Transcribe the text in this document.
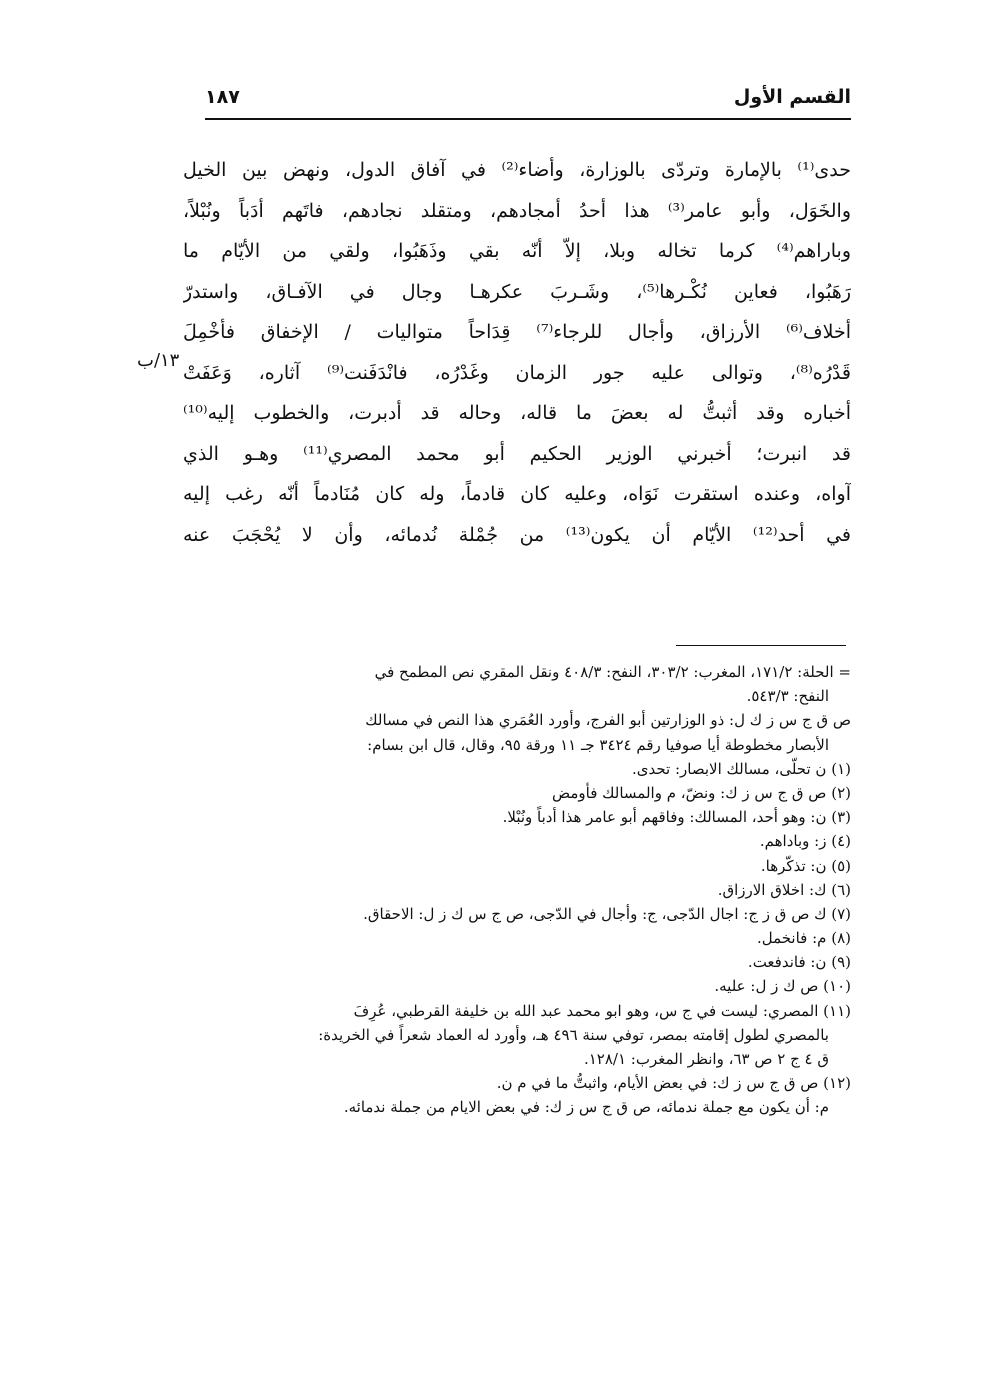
القسم الأول
١٨٧
حدى⁽¹⁾ بالإمارة وتردّى بالوزارة، وأضاء⁽²⁾ في آفاق الدول، ونهض بين الخيل
والخَوَل، وأبو عامر⁽³⁾ هذا أحدُ أمجادهم، ومتقلد نجادهم، فاتَهم أدَباً ونُبْلاً،
وباراهم⁽⁴⁾ كرما تخاله وبلا، إلاّ أنّه بقي وذَهَبُوا، ولقي من الأيّام ما
رَهَبُوا، فعاين نُكْـرها⁽⁵⁾، وشَـربَ عكرهـا وجال في الآفـاق، واستدرّ
أخلاف⁽⁶⁾ الأرزاق، وأجال للرجاء⁽⁷⁾ قِدَاحاً متواليات / الإخفاق فأخْمِلَ
قَدْرُه⁽⁸⁾، وتوالى عليه جور الزمان وغَدْرُه، فانْدَفَنت⁽⁹⁾ آثاره، وَعَفَتْ
أخباره وقد أثبتُّ له بعضَ ما قاله، وحاله قد أدبرت، والخطوب إليه⁽¹⁰⁾
قد انبرت؛ أخبرني الوزير الحكيم أبو محمد المصري⁽¹¹⁾ وهـو الذي
آواه، وعنده استقرت نَوَاه، وعليه كان قادماً، وله كان مُنَادماً أنّه رغب إليه
في أحد⁽¹²⁾ الأيّام أن يكون⁽¹³⁾ من جُمْلة نُدمائه، وأن لا يُحْجَبَ عنه
١٣/ب
= الحلة: ١٧١/٢، المغرب: ٣٠٣/٢، النفح: ٤٠٨/٣ ونقل المقري نص المطمح في
النفح: ٥٤٣/٣.
ص ق ج س ز ك ل: ذو الوزارتين أبو الفرج، وأورد العُمَري هذا النص في مسالك
الأبصار مخطوطة أيا صوفيا رقم ٣٤٢٤ جـ ١١ ورقة ٩٥، وقال، قال ابن بسام:
(١) ن تحلّى، مسالك الابصار: تحدى.
(٢) ص ق ج س ز ك: ونضّ، م والمسالك فأومض
(٣) ن: وهو أحد، المسالك: وفاقهم أبو عامر هذا أدباً ونُبْلا.
(٤) ز: وباداهم.
(٥) ن: تذكّرها.
(٦) ك: اخلاق الارزاق.
(٧) ك ص ق ز ج: اجال الدّجى، ج: وأجال في الدّجى، ص ج س ك ز ل: الاحقاق.
(٨) م: فانخمل.
(٩) ن: فاندفعت.
(١٠) ص ك ز ل: عليه.
(١١) المصري: ليست في ج س، وهو ابو محمد عبد الله بن خليفة القرطبي، عُرِفَ
بالمصري لطول إقامته بمصر، توفي سنة ٤٩٦ هـ، وأورد له العماد شعراً في الخريدة:
ق ٤ ج ٢ ص ٦٣، وانظر المغرب: ١٢٨/١.
(١٢) ص ق ج س ز ك: في بعض الأيام، واثبتُّ ما في م ن.
م: أن يكون مع جملة ندمائه، ص ق ج س ز ك: في بعض الايام من جملة ندمائه.
